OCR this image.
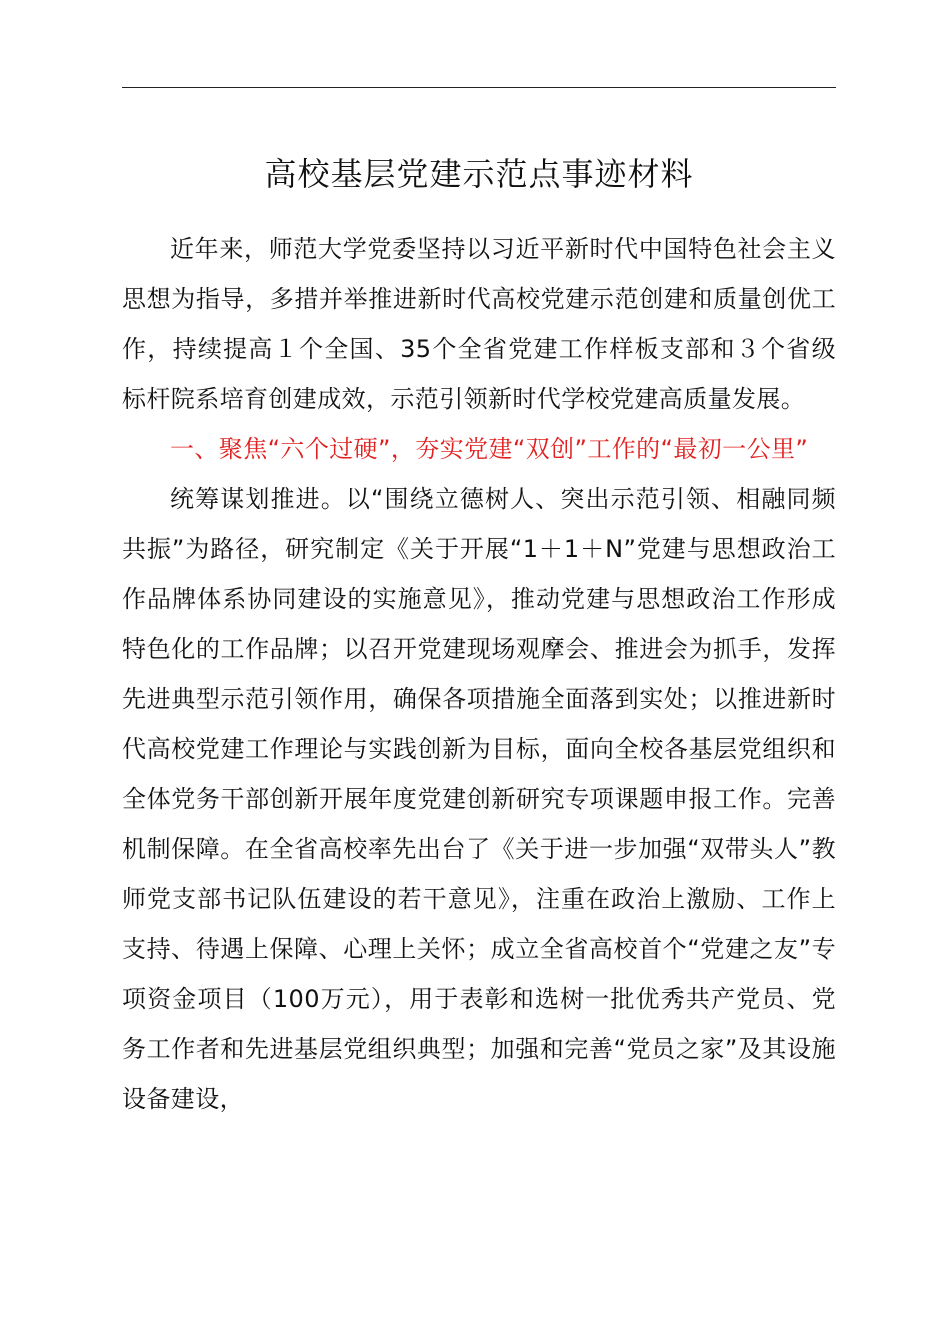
高校基层党建示范点事迹材料

近年来，师范大学党委坚持以习近平新时代中国特色社会主义思想为指导，多措并举推进新时代高校党建示范创建和质量创优工作，持续提高１个全国、35个全省党建工作样板支部和３个省级标杆院系培育创建成效，示范引领新时代学校党建高质量发展。

一、聚焦“六个过硬”，夯实党建“双创”工作的“最初一公里”

统筹谋划推进。以“围绕立德树人、突出示范引领、相融同频共振”为路径，研究制定《关于开展“1＋1＋N”党建与思想政治工作品牌体系协同建设的实施意见》，推动党建与思想政治工作形成特色化的工作品牌；以召开党建现场观摩会、推进会为抓手，发挥先进典型示范引领作用，确保各项措施全面落到实处；以推进新时代高校党建工作理论与实践创新为目标，面向全校各基层党组织和全体党务干部创新开展年度党建创新研究专项课题申报工作。完善机制保障。在全省高校率先出台了《关于进一步加强“双带头人”教师党支部书记队伍建设的若干意见》，注重在政治上激励、工作上支持、待遇上保障、心理上关怀；成立全省高校首个“党建之友”专项资金项目（100万元），用于表彰和选树一批优秀共产党员、党务工作者和先进基层党组织典型；加强和完善“党员之家”及其设施设备建设，
